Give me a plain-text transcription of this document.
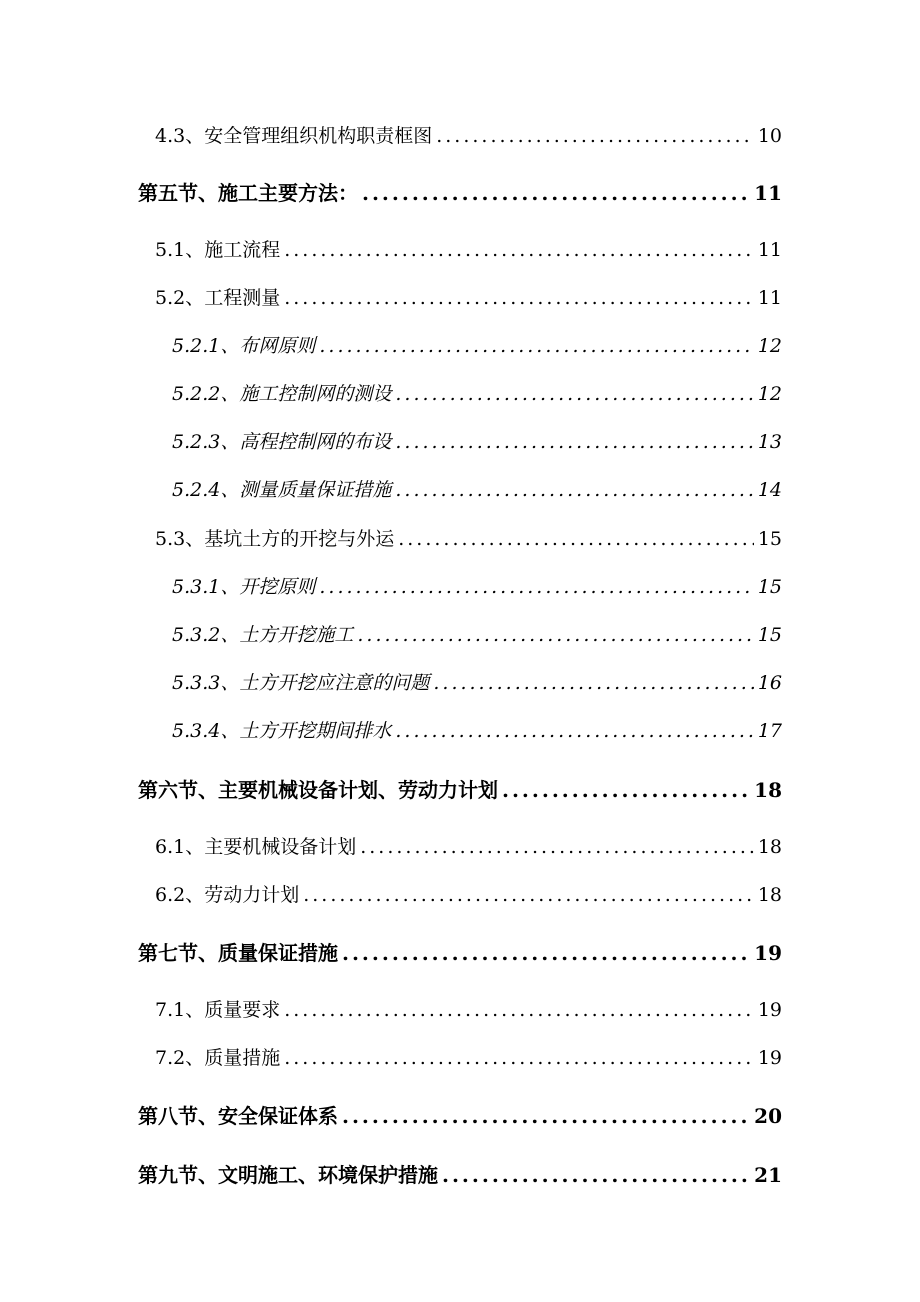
4.3、安全管理组织机构职责框图 .....	10
第五节、施工主要方法： .....	11
5.1、施工流程 .....	11
5.2、工程测量 .....	11
5.2.1、布网原则 .....	12
5.2.2、施工控制网的测设 .....	12
5.2.3、高程控制网的布设 .....	13
5.2.4、测量质量保证措施 .....	14
5.3、基坑土方的开挖与外运 .....	15
5.3.1、开挖原则 .....	15
5.3.2、土方开挖施工 .....	15
5.3.3、土方开挖应注意的问题 .....	16
5.3.4、土方开挖期间排水 .....	17
第六节、主要机械设备计划、劳动力计划 .....	18
6.1、主要机械设备计划 .....	18
6.2、劳动力计划 .....	18
第七节、质量保证措施 .....	19
7.1、质量要求 .....	19
7.2、质量措施 .....	19
第八节、安全保证体系 .....	20
第九节、文明施工、环境保护措施 .....	21
